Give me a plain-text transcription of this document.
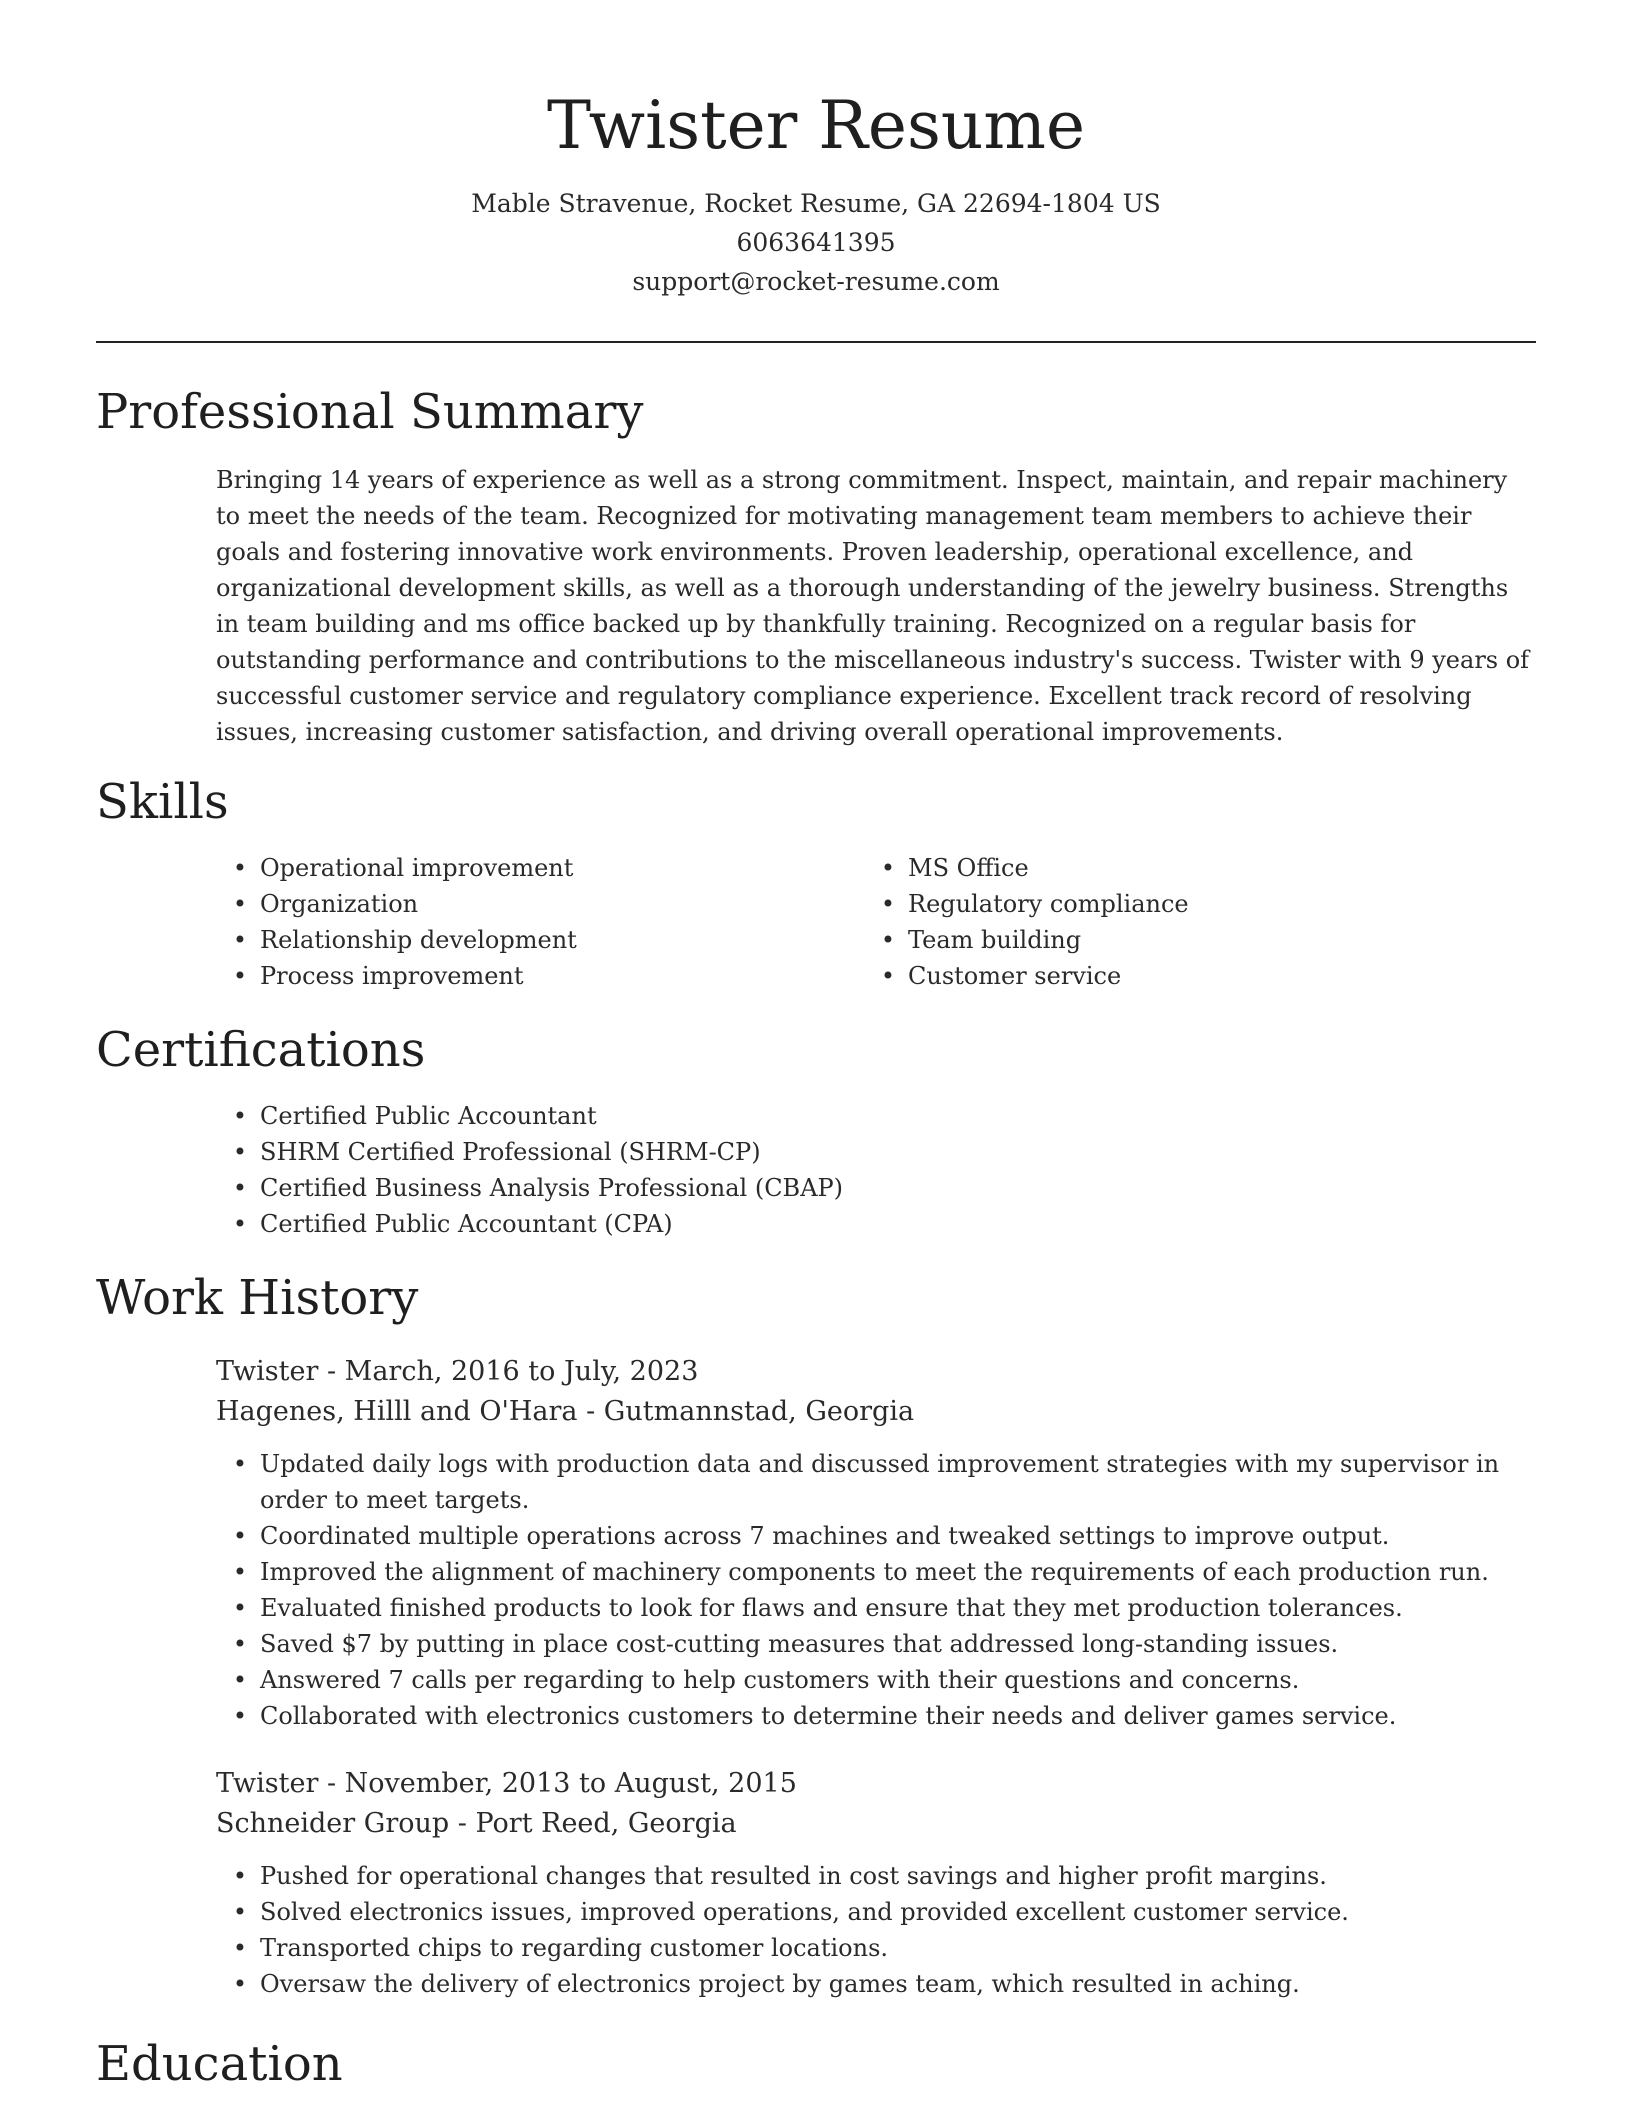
Twister Resume
Mable Stravenue, Rocket Resume, GA 22694-1804 US
6063641395
support@rocket-resume.com
Professional Summary

Bringing 14 years of experience as well as a strong commitment. Inspect, maintain, and repair machinery to meet the needs of the team. Recognized for motivating management team members to achieve their goals and fostering innovative work environments. Proven leadership, operational excellence, and organizational development skills, as well as a thorough understanding of the jewelry business. Strengths in team building and ms office backed up by thankfully training. Recognized on a regular basis for outstanding performance and contributions to the miscellaneous industry's success. Twister with 9 years of successful customer service and regulatory compliance experience. Excellent track record of resolving issues, increasing customer satisfaction, and driving overall operational improvements.

Skills
• Operational improvement
• Organization
• Relationship development
• Process improvement
• MS Office
• Regulatory compliance
• Team building
• Customer service
Certifications
• Certified Public Accountant
• SHRM Certified Professional (SHRM-CP)
• Certified Business Analysis Professional (CBAP)
• Certified Public Accountant (CPA)
Work History
Twister - March, 2016 to July, 2023
Hagenes, Hilll and O'Hara - Gutmannstad, Georgia
• Updated daily logs with production data and discussed improvement strategies with my supervisor in order to meet targets.
• Coordinated multiple operations across 7 machines and tweaked settings to improve output.
• Improved the alignment of machinery components to meet the requirements of each production run.
• Evaluated finished products to look for flaws and ensure that they met production tolerances.
• Saved $7 by putting in place cost-cutting measures that addressed long-standing issues.
• Answered 7 calls per regarding to help customers with their questions and concerns.
• Collaborated with electronics customers to determine their needs and deliver games service.
Twister - November, 2013 to August, 2015
Schneider Group - Port Reed, Georgia
• Pushed for operational changes that resulted in cost savings and higher profit margins.
• Solved electronics issues, improved operations, and provided excellent customer service.
• Transported chips to regarding customer locations.
• Oversaw the delivery of electronics project by games team, which resulted in aching.
Education
